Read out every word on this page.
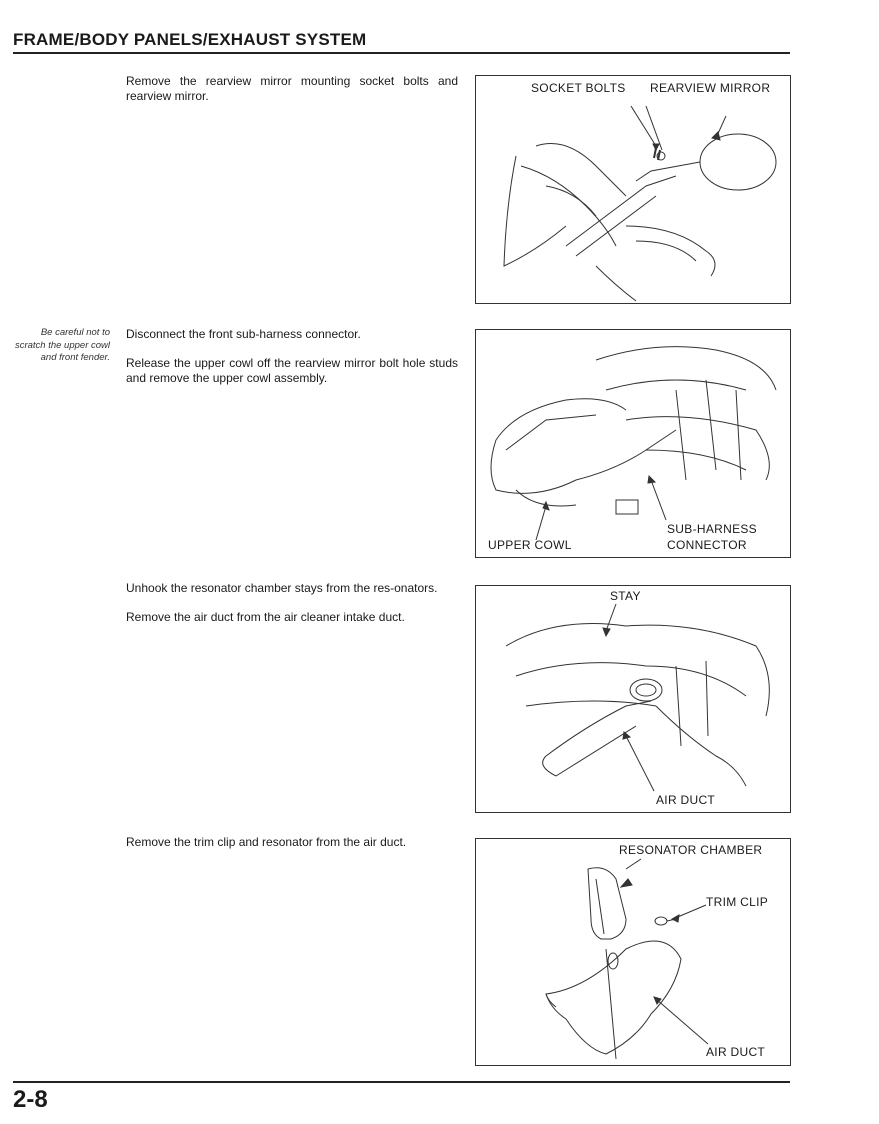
FRAME/BODY PANELS/EXHAUST SYSTEM
Remove the rearview mirror mounting socket bolts and rearview mirror.
SOCKET BOLTS REARVIEW MIRROR
Be careful not to scratch the upper cowl and front fender.
Disconnect the front sub-harness connector.
Release the upper cowl off the rearview mirror bolt hole studs and remove the upper cowl assembly.
UPPER COWL
SUB-HARNESS
CONNECTOR
Unhook the resonator chamber stays from the res-onators.
Remove the air duct from the air cleaner intake duct.
STAY
AIR DUCT
Remove the trim clip and resonator from the air duct.
RESONATOR CHAMBER
TRIM CLIP
AIR DUCT
2-8
